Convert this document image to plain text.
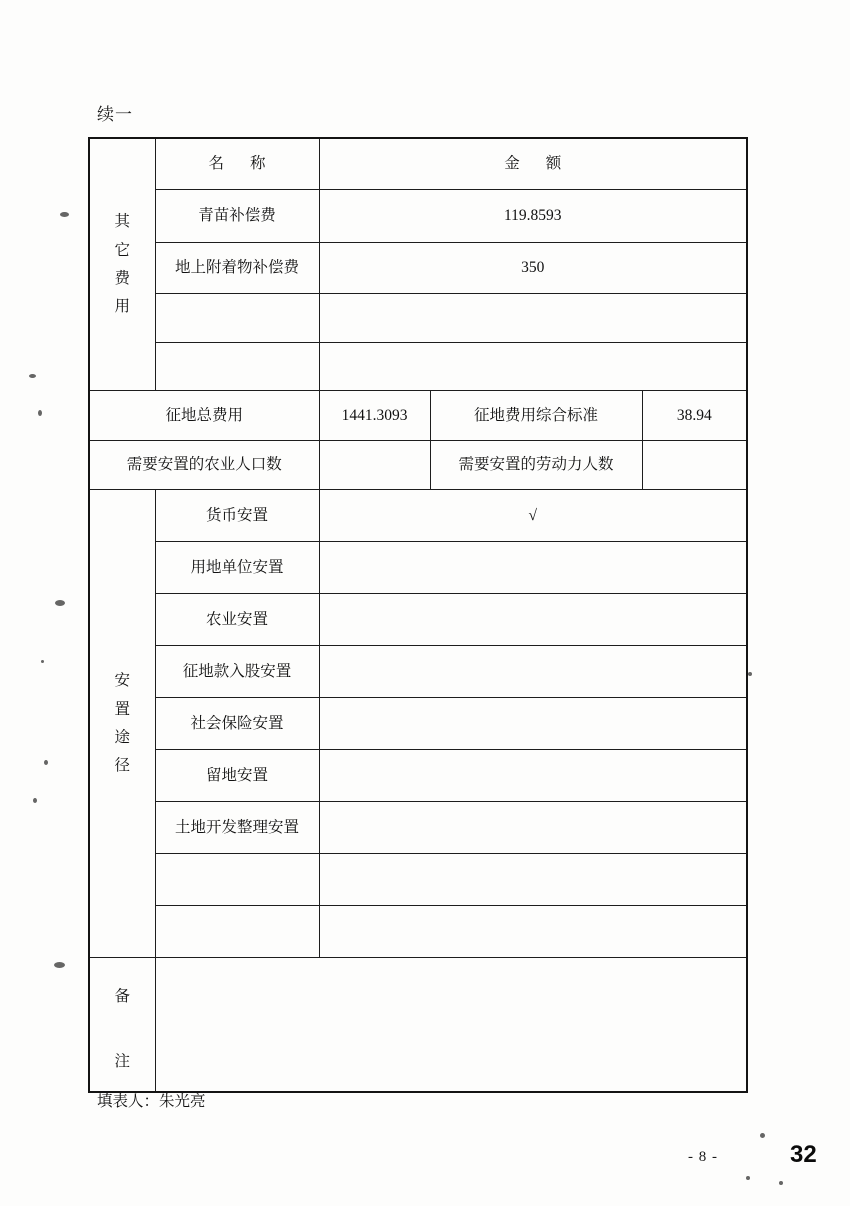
续一
其
它
费
用	名 称	金 额		
	青苗补偿费	119.8593		
	地上附着物补偿费	350		

征地总费用		1441.3093	征地费用综合标准	38.94
需要安置的农业人口数			需要安置的劳动力人数	

安
置
途
径	货币安置	√		
	用地单位安置			
	农业安置			
	征地款入股安置			
	社会保险安置			
	留地安置			
	土地开发整理安置			

备
注				

填表人：朱光亮
- 8 -	32
